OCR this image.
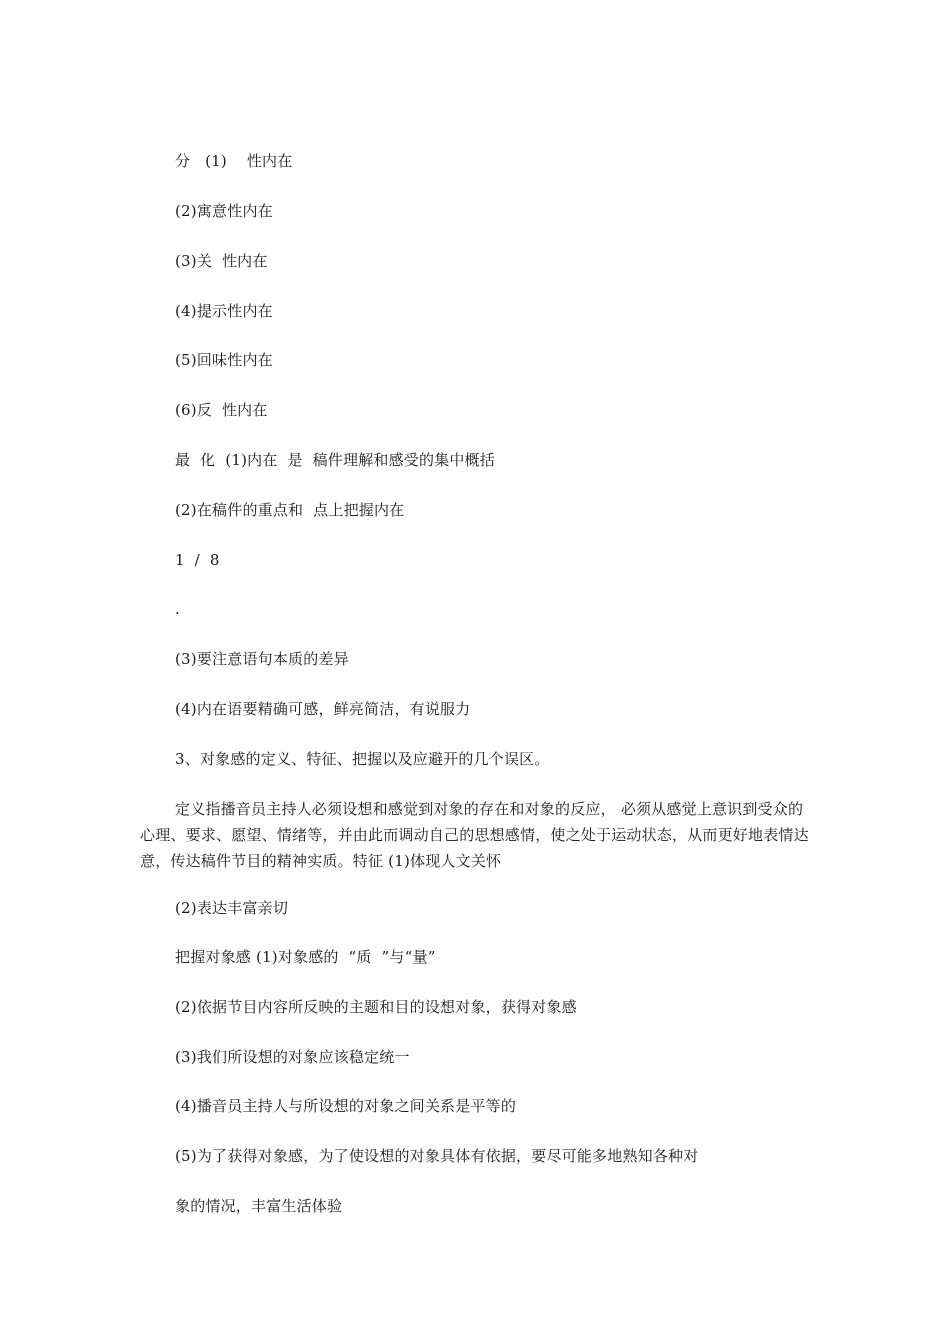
分   (1)    性内在
(2)寓意性内在
(3)关  性内在
(4)提示性内在
(5)回味性内在
(6)反  性内在
最  化  (1)内在  是  稿件理解和感受的集中概括
(2)在稿件的重点和  点上把握内在
1  /  8
.
(3)要注意语句本质的差异
(4)内在语要精确可感，鲜亮简洁，有说服力
3、对象感的定义、特征、把握以及应避开的几个误区。
定义指播音员主持人必须设想和感觉到对象的存在和对象的反应， 必须从感觉上意识到受众的心理、要求、愿望、情绪等，并由此而调动自己的思想感情，使之处于运动状态，从而更好地表情达意，传达稿件节目的精神实质。特征 (1)体现人文关怀
(2)表达丰富亲切
把握对象感 (1)对象感的  “质  ”与“量”
(2)依据节目内容所反映的主题和目的设想对象，获得对象感
(3)我们所设想的对象应该稳定统一
(4)播音员主持人与所设想的对象之间关系是平等的
(5)为了获得对象感，为了使设想的对象具体有依据，要尽可能多地熟知各种对
象的情况，丰富生活体验
